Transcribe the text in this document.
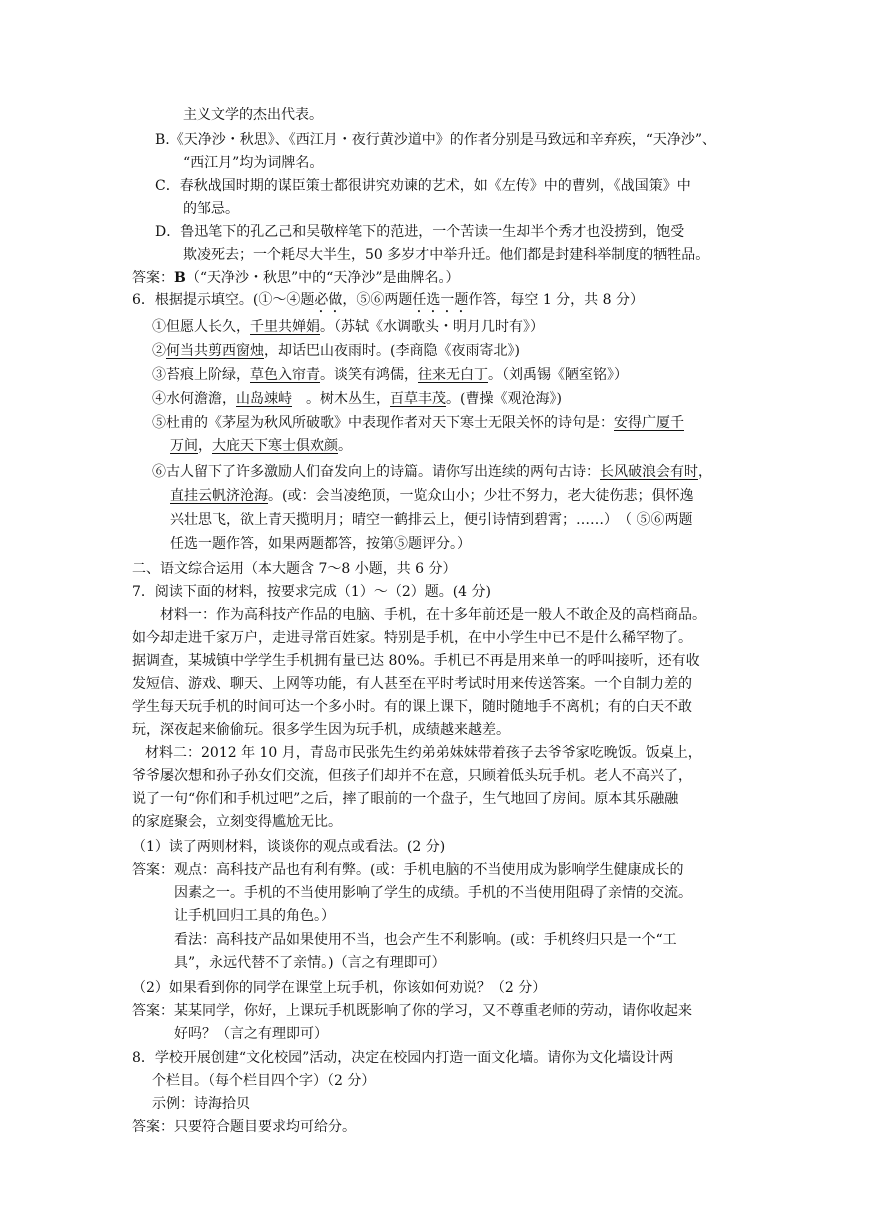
主义文学的杰出代表。
B.《天净沙・秋思》、《西江月・夜行黄沙道中》的作者分别是马致远和辛弃疾，“天净沙”、
“西江月”均为词牌名。
C．春秋战国时期的谋臣策士都很讲究劝谏的艺术，如《左传》中的曹刿，《战国策》中
的邹忌。
D．鲁迅笔下的孔乙己和吴敬梓笔下的范进，一个苦读一生却半个秀才也没捞到，饱受
欺凌死去；一个耗尽大半生，50 多岁才中举升迁。他们都是封建科举制度的牺牲品。
答案：B（“天净沙・秋思”中的“天净沙”是曲牌名。）
6．根据提示填空。(①～④题必做，⑤⑥两题任选一题作答，每空 1 分，共 8 分）
①但愿人长久，千里共婵娟。（苏轼《水调歌头・明月几时有》）
②何当共剪西窗烛，却话巴山夜雨时。(李商隐《夜雨寄北》)
③苔痕上阶绿，草色入帘青。谈笑有鸿儒，往来无白丁。（刘禹锡《陋室铭》）
④水何澹澹，山岛竦峙　。树木丛生，百草丰茂。(曹操《观沧海》)
⑤杜甫的《茅屋为秋风所破歌》中表现作者对天下寒士无限关怀的诗句是：安得广厦千
万间，大庇天下寒士俱欢颜。
⑥古人留下了许多激励人们奋发向上的诗篇。请你写出连续的两句古诗：长风破浪会有时，
直挂云帆济沧海。(或：会当凌绝顶，一览众山小；少壮不努力，老大徒伤悲；俱怀逸
兴壮思飞，欲上青天揽明月；晴空一鹤排云上，便引诗情到碧霄；……）　（ ⑤⑥两题
任选一题作答，如果两题都答，按第⑤题评分。）
二、语文综合运用（本大题含 7～8 小题，共 6 分）
7．阅读下面的材料，按要求完成（1）～（2）题。(4 分)
材料一：作为高科技产作品的电脑、手机，在十多年前还是一般人不敢企及的高档商品。
如今却走进千家万户，走进寻常百姓家。特别是手机，在中小学生中已不是什么稀罕物了。
据调查，某城镇中学学生手机拥有量已达 80%。手机已不再是用来单一的呼叫接听，还有收
发短信、游戏、聊天、上网等功能，有人甚至在平时考试时用来传送答案。一个自制力差的
学生每天玩手机的时间可达一个多小时。有的课上课下，随时随地手不离机；有的白天不敢
玩，深夜起来偷偷玩。很多学生因为玩手机，成绩越来越差。
材料二：2012 年 10 月，青岛市民张先生约弟弟妹妹带着孩子去爷爷家吃晚饭。饭桌上，
爷爷屡次想和孙子孙女们交流，但孩子们却并不在意，只顾着低头玩手机。老人不高兴了，
说了一句“你们和手机过吧”之后，摔了眼前的一个盘子，生气地回了房间。原本其乐融融
的家庭聚会，立刻变得尴尬无比。
（1）读了两则材料，谈谈你的观点或看法。(2 分)
答案：观点：高科技产品也有利有弊。(或：手机电脑的不当使用成为影响学生健康成长的
因素之一。手机的不当使用影响了学生的成绩。手机的不当使用阻碍了亲情的交流。
让手机回归工具的角色。）
看法：高科技产品如果使用不当，也会产生不利影响。(或：手机终归只是一个“工
具”，永远代替不了亲情。)（言之有理即可）
（2）如果看到你的同学在课堂上玩手机，你该如何劝说？（2 分）
答案：某某同学，你好，上课玩手机既影响了你的学习，又不尊重老师的劳动，请你收起来
好吗？（言之有理即可）
8．学校开展创建“文化校园”活动，决定在校园内打造一面文化墙。请你为文化墙设计两
个栏目。（每个栏目四个字）（2 分）
示例：诗海拾贝
答案：只要符合题目要求均可给分。
